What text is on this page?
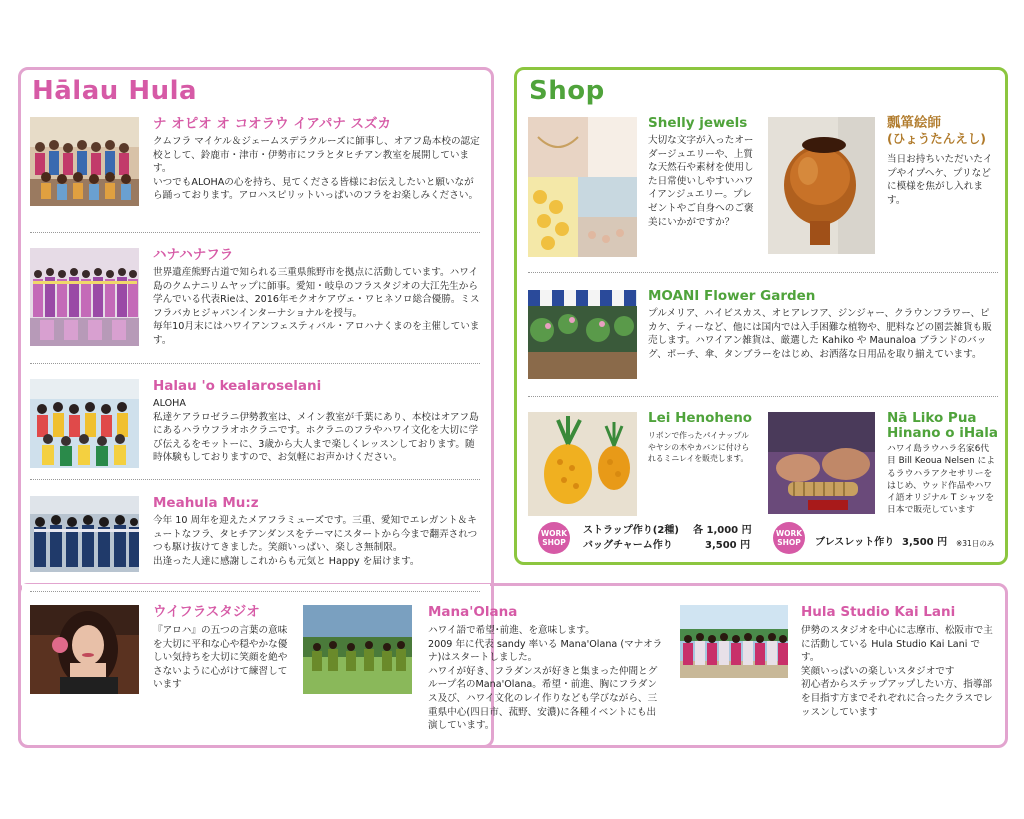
Hālau Hula	Shop
ナ オピオ オ コオラウ イアパナ スズカ
クムフラ マイケル＆ジェームスデラクルーズに師事し、オアフ島本校の認定校として、鈴鹿市・津市・伊勢市にフラとタヒチアン教室を展開しています。
いつでもALOHAの心を持ち、見てくださる皆様にお伝えしたいと願いながら踊っております。アロハスピリットいっぱいのフラをお楽しみください。
ハナハナフラ
世界遺産熊野古道で知られる三重県熊野市を拠点に活動しています。ハワイ島のクムナニリムヤップに師事。愛知・岐阜のフラスタジオの大江先生から学んでいる代表Rieは、2016年モクオケアヴェ・ワヒネソロ総合優勝。ミスフラバカヒジャパンインターナショナルを授与。
毎年10月末にはハワイアンフェスティバル・アロハナくまのを主催しています。
Halau 'o kealaroselani
ALOHA
私達ケアラロゼラニ伊勢教室は、メイン教室が千葉にあり、本校はオアフ島にあるハラウフラオホクラニです。ホクラニのフラやハワイ文化を大切に学び伝えるをモットーに、3歳から大人まで楽しくレッスンしております。随時体験もしておりますので、お気軽にお声かけください。
Meahula Mu:z
今年 10 周年を迎えたメアフラミューズです。三重、愛知でエレガント＆キュートなフラ、タヒチアンダンスをテーマにスタートから今まで翻弄されつつも駆け抜けてきました。笑顔いっぱい、楽しさ無制限。
出逢った人達に感謝しこれからも元気と Happy を届けます。
ウイフラスタジオ
『アロハ』の五つの言葉の意味を大切に平和な心や穏やかな優しい気持ちを大切に笑顔を絶やさないように心がけて練習しています
Mana'Olana
ハワイ語で希望･前進、を意味します。
2009 年に代表 sandy 率いる Mana'Olana (マナオラナ)はスタートしました。
ハワイが好き、フラダンスが好きと集まった仲間とグループ名のMana'Olana。希望・前進、胸にフラダンス及び、ハワイ文化のレイ作りなども学びながら、三重県中心(四日市、菰野、安濃)に各種イベントにも出演しています。
Hula Studio Kai Lani
伊勢のスタジオを中心に志摩市、松阪市で主に活動している Hula Studio Kai Lani です。
笑顔いっぱいの楽しいスタジオです
初心者からステップアップしたい方、指導部を目指す方までそれぞれに合ったクラスでレッスンしています
Shelly jewels
大切な文字が入ったオーダージュエリーや、上質な天然石や素材を使用した日常使いしやすいハワイアンジュエリー。プレゼントやご自身へのご褒美にいかがですか？
瓢箪絵師
(ひょうたんえし)
当日お持ちいただいたイプやイプヘケ、プリなどに模様を焦がし入れます。
MOANI Flower Garden
プルメリア、ハイビスカス、オヒアレフア、ジンジャー、クラウンフラワー、ピカケ、ティーなど、他には国内では入手困難な植物や、肥料などの園芸雑貨も販売します。ハワイアン雑貨は、厳選した Kahiko や Maunaloa ブランドのバッグ、ポーチ、傘、タンブラーをはじめ、お洒落な日用品を取り揃えています。
Lei Henoheno
リボンで作ったパイナップルやヤシの木やカバンに付けられるミニレイを販売します。
WORK
SHOP
ストラップ作り(2種) 各 1,000 円
バッグチャーム作り	3,500 円
Nā Liko Pua
Hinano o iHala
ハワイ島ラウハラ名家6代 目 Bill Keoua Nelsen によるラウハラアクセサリーをはじめ、ウッド作品やハワイ語オリジナル T シャツを日本で販売しています
WORK
SHOP	ブレスレット作り 3,500 円 ※31日のみ
